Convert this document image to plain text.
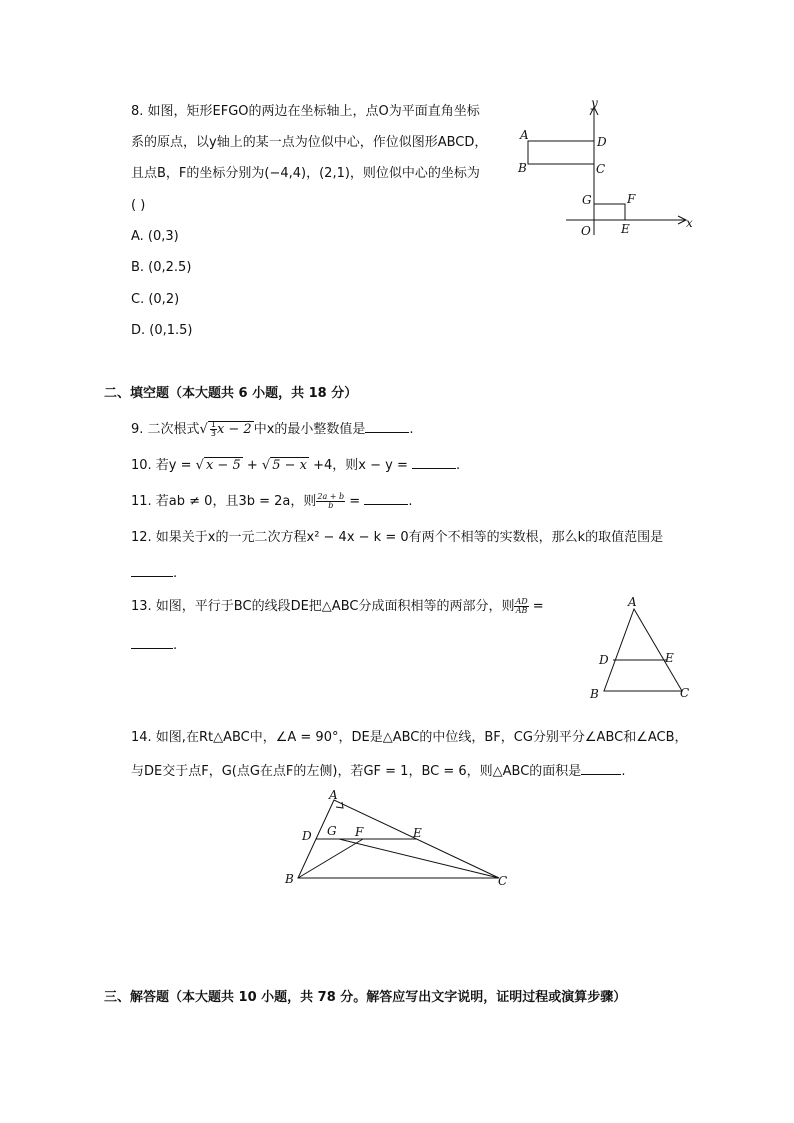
8. 如图，矩形EFGO的两边在坐标轴上，点O为平面直角坐标
系的原点，以y轴上的某一点为位似中心，作位似图形ABCD，
且点B，F的坐标分别为(−4,4)，(2,1)，则位似中心的坐标为
( )
A. (0,3)
B. (0,2.5)
C. (0,2)
D. (0,1.5)
y
x
A
B
D
C
G	F
O	E
二、填空题（本大题共 6 小题，共 18 分）
9. 二次根式√ $\frac{1}{3}$ x − 2 中x的最小整数值是	.
10. 若y = √ x − 5 + √ 5 − x +4，则x − y =	.
11. 若ab ≠ 0，且3b = 2a，则 $\frac{2a + b}{b}$ =	.
12. 如果关于x的一元二次方程x² − 4x − k = 0有两个不相等的实数根，那么k的取值范围是
.
13. 如图，平行于BC的线段DE把△ABC分成面积相等的两部分，则 $\frac{AD}{AB}$ =
.
A
D	E
B	C
14. 如图,在Rt△ABC中，∠A = 90°，DE是△ABC的中位线，BF，CG分别平分∠ABC和∠ACB，
与DE交于点F，G(点G在点F的左侧)，若GF = 1，BC = 6，则△ABC的面积是	.
A
D G F	E
B	C
三、解答题（本大题共 10 小题，共 78 分。解答应写出文字说明，证明过程或演算步骤）
